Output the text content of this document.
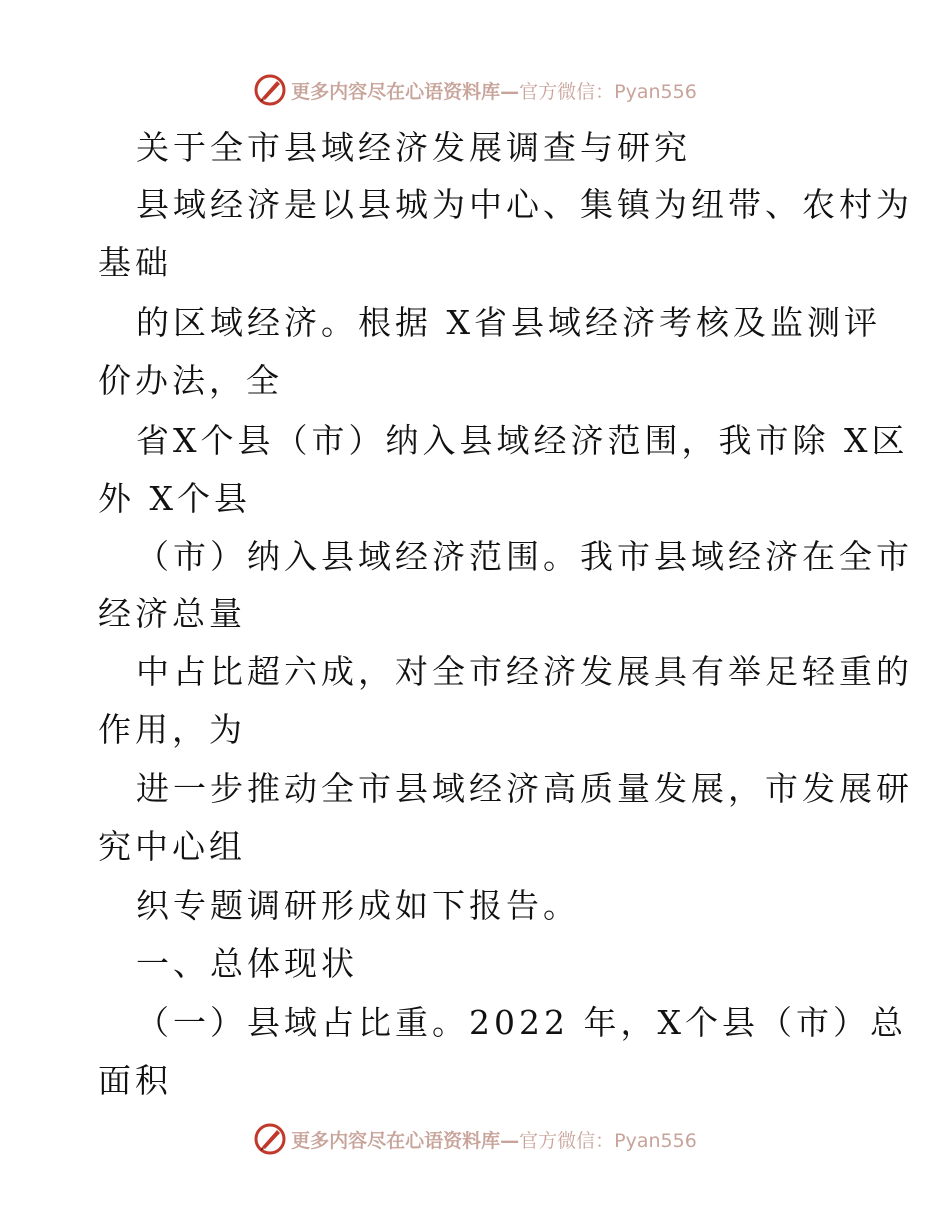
更多内容尽在心语资料库—官方微信：Pyan556
关于全市县域经济发展调查与研究
县域经济是以县城为中心、集镇为纽带、农村为
基础
的区域经济。根据 X省县域经济考核及监测评
价办法，全
省X个县（市）纳入县域经济范围，我市除 X区
外 X个县
（市）纳入县域经济范围。我市县域经济在全市
经济总量
中占比超六成，对全市经济发展具有举足轻重的
作用，为
进一步推动全市县域经济高质量发展，市发展研
究中心组
织专题调研形成如下报告。
一、总体现状
（一）县域占比重。2022 年，X个县（市）总
面积
更多内容尽在心语资料库—官方微信：Pyan556
